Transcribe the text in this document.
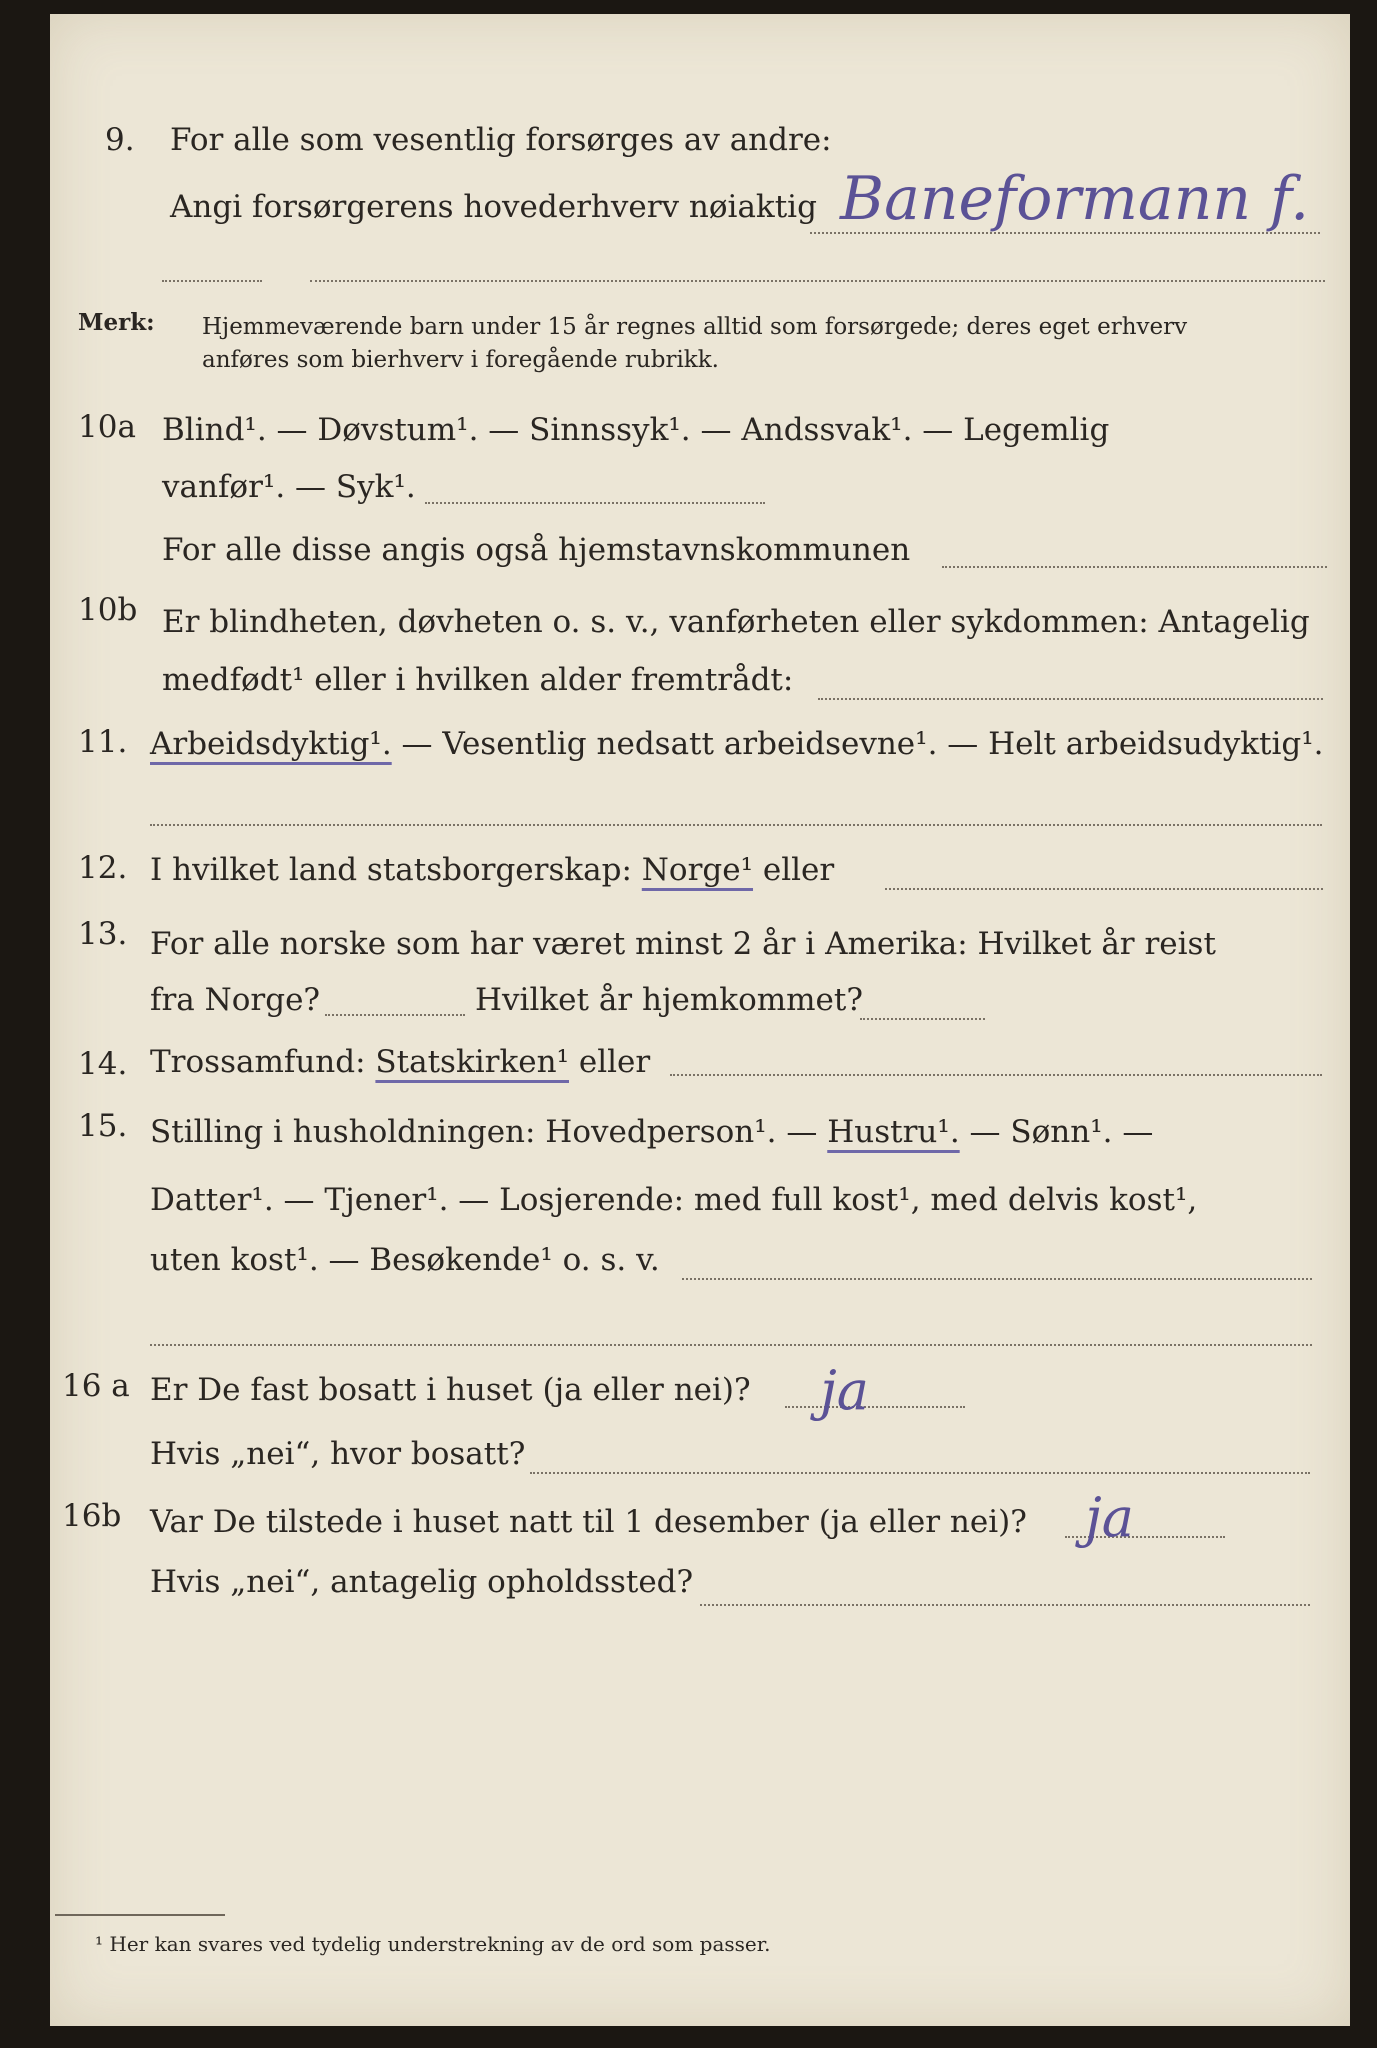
9. For alle som vesentlig forsørges av andre:
Angi forsørgerens hovederhverv nøiaktig Baneformann f.
Merk: Hjemmeværende barn under 15 år regnes alltid som forsørgede; deres eget erhverv
anføres som bierhverv i foregående rubrikk.
10a Blind¹. — Døvstum¹. — Sinnssyk¹. — Andssvak¹. — Legemlig
vanfør¹. — Syk¹.
For alle disse angis også hjemstavnskommunen
10b Er blindheten, døvheten o. s. v., vanførheten eller sykdommen: Antagelig
medfødt¹ eller i hvilken alder fremtrådt:
11. Arbeidsdyktig¹. — Vesentlig nedsatt arbeidsevne¹. — Helt arbeidsudyktig¹.
12. I hvilket land statsborgerskap: Norge¹ eller
13. For alle norske som har været minst 2 år i Amerika: Hvilket år reist
fra Norge?	Hvilket år hjemkommet?
14. Trossamfund: Statskirken¹ eller
15. Stilling i husholdningen: Hovedperson¹. — Hustru¹. — Sønn¹. —
Datter¹. — Tjener¹. — Losjerende: med full kost¹, med delvis kost¹,
uten kost¹. — Besøkende¹ o. s. v.
16 a Er De fast bosatt i huset (ja eller nei)? ja
Hvis „nei“, hvor bosatt?
16b Var De tilstede i huset natt til 1 desember (ja eller nei)? ja
Hvis „nei“, antagelig opholdssted?
¹ Her kan svares ved tydelig understrekning av de ord som passer.
